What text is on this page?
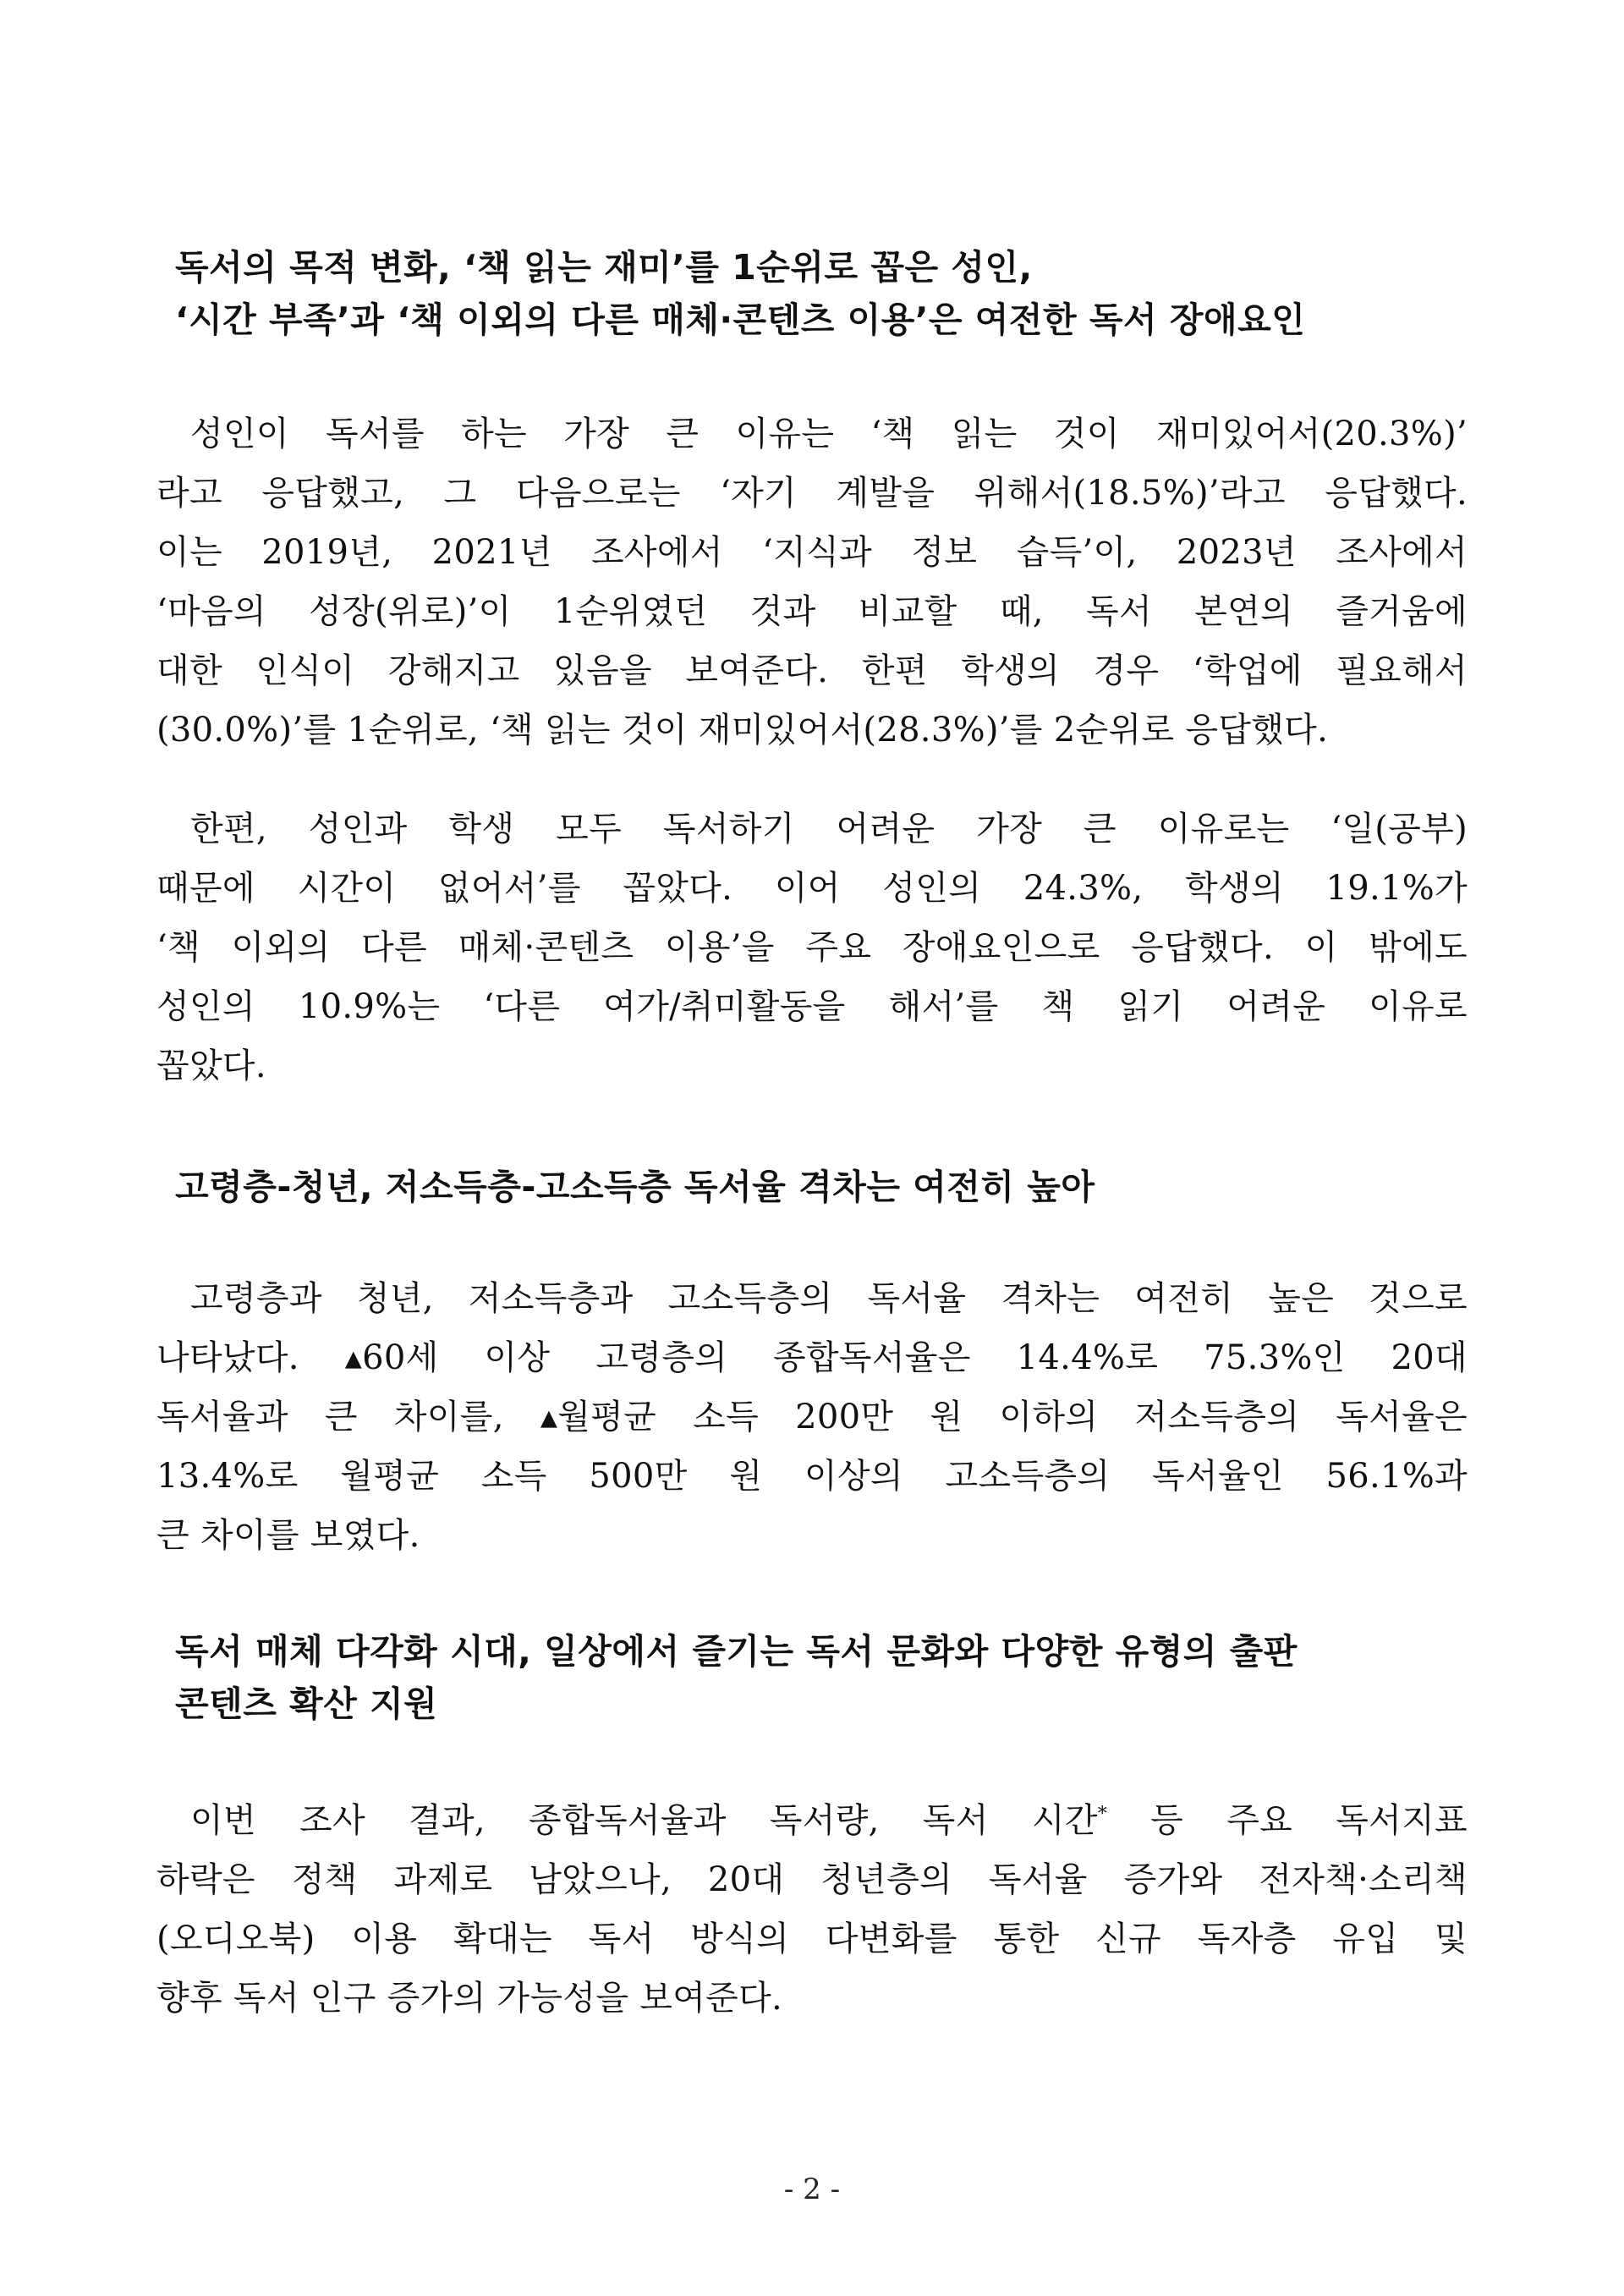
독서의 목적 변화, ‘책 읽는 재미’를 1순위로 꼽은 성인,
‘시간 부족’과 ‘책 이외의 다른 매체·콘텐츠 이용’은 여전한 독서 장애요인

성인이 독서를 하는 가장 큰 이유는 ‘책 읽는 것이 재미있어서(20.3%)’
라고 응답했고, 그 다음으로는 ‘자기 계발을 위해서(18.5%)’라고 응답했다.
이는 2019년, 2021년 조사에서 ‘지식과 정보 습득’이, 2023년 조사에서
‘마음의 성장(위로)’이 1순위였던 것과 비교할 때, 독서 본연의 즐거움에
대한 인식이 강해지고 있음을 보여준다. 한편 학생의 경우 ‘학업에 필요해서
(30.0%)’를 1순위로, ‘책 읽는 것이 재미있어서(28.3%)’를 2순위로 응답했다.

한편, 성인과 학생 모두 독서하기 어려운 가장 큰 이유로는 ‘일(공부)
때문에 시간이 없어서’를 꼽았다. 이어 성인의 24.3%, 학생의 19.1%가
‘책 이외의 다른 매체·콘텐츠 이용’을 주요 장애요인으로 응답했다. 이 밖에도
성인의 10.9%는 ‘다른 여가/취미활동을 해서’를 책 읽기 어려운 이유로
꼽았다.

고령층-청년, 저소득층-고소득층 독서율 격차는 여전히 높아

고령층과 청년, 저소득층과 고소득층의 독서율 격차는 여전히 높은 것으로
나타났다. ▴60세 이상 고령층의 종합독서율은 14.4%로 75.3%인 20대
독서율과 큰 차이를, ▴월평균 소득 200만 원 이하의 저소득층의 독서율은
13.4%로 월평균 소득 500만 원 이상의 고소득층의 독서율인 56.1%과
큰 차이를 보였다.

독서 매체 다각화 시대, 일상에서 즐기는 독서 문화와 다양한 유형의 출판
콘텐츠 확산 지원

이번 조사 결과, 종합독서율과 독서량, 독서 시간* 등 주요 독서지표
하락은 정책 과제로 남았으나, 20대 청년층의 독서율 증가와 전자책·소리책
(오디오북) 이용 확대는 독서 방식의 다변화를 통한 신규 독자층 유입 및
향후 독서 인구 증가의 가능성을 보여준다.

- 2 -
